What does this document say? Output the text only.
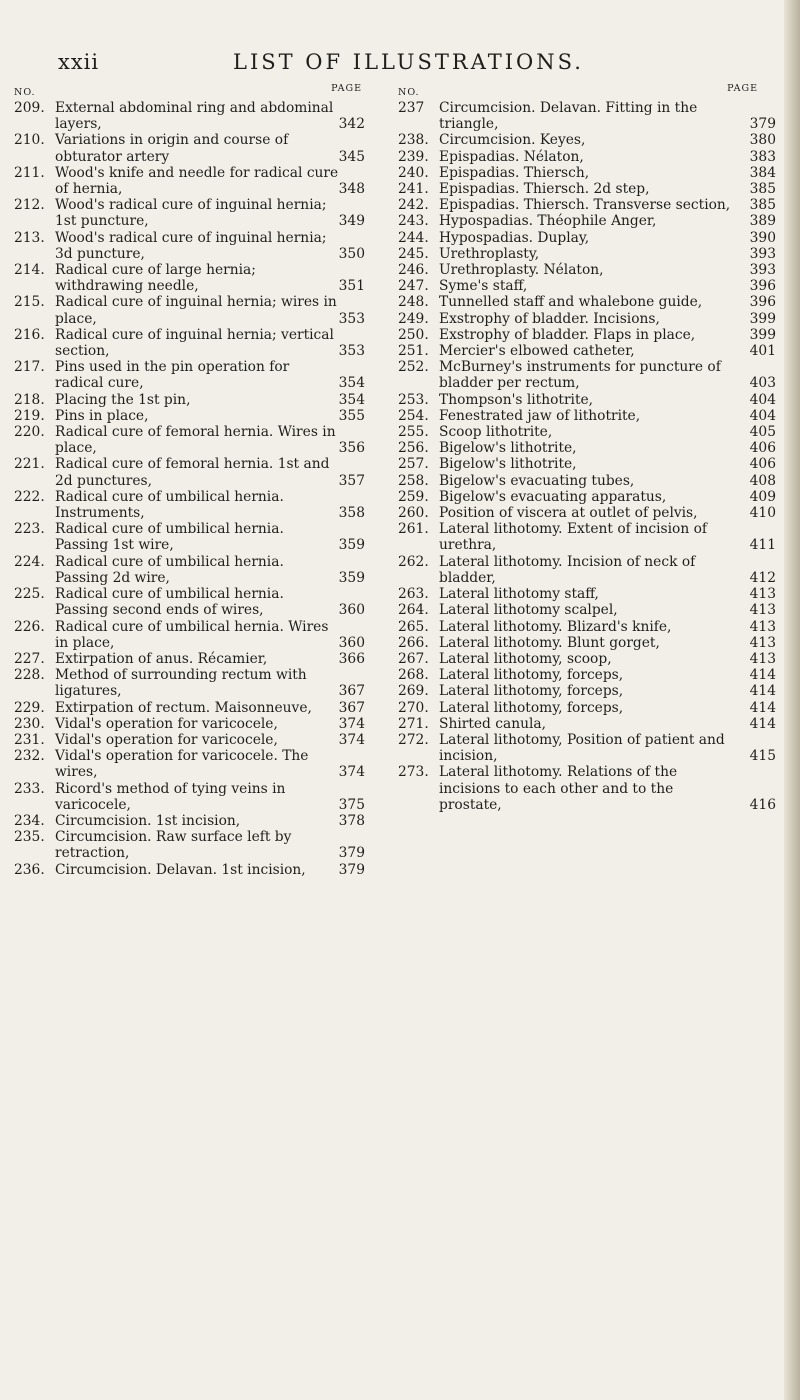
xxii	LIST OF ILLUSTRATIONS.
NO.	PAGE
209. External abdominal ring and abdominal layers,	342
210. Variations in origin and course of obturator artery	345
211. Wood's knife and needle for radical cure of hernia,	348
212. Wood's radical cure of inguinal hernia; 1st puncture,	349
213. Wood's radical cure of inguinal hernia; 3d puncture,	350
214. Radical cure of large hernia; withdrawing needle,	351
215. Radical cure of inguinal hernia; wires in place,	353
216. Radical cure of inguinal hernia; vertical section,	353
217. Pins used in the pin operation for radical cure,	354
218. Placing the 1st pin,	354
219. Pins in place,	355
220. Radical cure of femoral hernia. Wires in place,	356
221. Radical cure of femoral hernia. 1st and 2d punctures,	357
222. Radical cure of umbilical hernia. Instruments,	358
223. Radical cure of umbilical hernia. Passing 1st wire,	359
224. Radical cure of umbilical hernia. Passing 2d wire,	359
225. Radical cure of umbilical hernia. Passing second ends of wires,	360
226. Radical cure of umbilical hernia. Wires in place,	360
227. Extirpation of anus. Récamier,	366
228. Method of surrounding rectum with ligatures,	367
229. Extirpation of rectum. Maisonneuve,	367
230. Vidal's operation for varicocele,	374
231. Vidal's operation for varicocele,	374
232. Vidal's operation for varicocele. The wires,	374
233. Ricord's method of tying veins in varicocele,	375
234. Circumcision. 1st incision,	378
235. Circumcision. Raw surface left by retraction,	379
236. Circumcision. Delavan. 1st incision,	379
NO.	PAGE
237	Circumcision. Delavan. Fitting in the triangle,	379
238. Circumcision. Keyes,	380
239. Epispadias. Nélaton,	383
240. Epispadias. Thiersch,	384
241. Epispadias. Thiersch. 2d step,	385
242. Epispadias. Thiersch. Transverse section,	385
243. Hypospadias. Théophile Anger,	389
244. Hypospadias. Duplay,	390
245. Urethroplasty,	393
246. Urethroplasty. Nélaton,	393
247. Syme's staff,	396
248. Tunnelled staff and whalebone guide,	396
249. Exstrophy of bladder. Incisions,	399
250. Exstrophy of bladder. Flaps in place,	399
251. Mercier's elbowed catheter,	401
252. McBurney's instruments for puncture of bladder per rectum,	403
253. Thompson's lithotrite,	404
254. Fenestrated jaw of lithotrite,	404
255. Scoop lithotrite,	405
256. Bigelow's lithotrite,	406
257. Bigelow's lithotrite,	406
258. Bigelow's evacuating tubes,	408
259. Bigelow's evacuating apparatus,	409
260. Position of viscera at outlet of pelvis,	410
261. Lateral lithotomy. Extent of incision of urethra,	411
262. Lateral lithotomy. Incision of neck of bladder,	412
263. Lateral lithotomy staff,	413
264. Lateral lithotomy scalpel,	413
265. Lateral lithotomy. Blizard's knife,	413
266. Lateral lithotomy. Blunt gorget,	413
267. Lateral lithotomy, scoop,	413
268. Lateral lithotomy, forceps,	414
269. Lateral lithotomy, forceps,	414
270. Lateral lithotomy, forceps,	414
271. Shirted canula,	414
272. Lateral lithotomy, Position of patient and incision,	415
273. Lateral lithotomy. Relations of the incisions to each other and to the prostate,	416
